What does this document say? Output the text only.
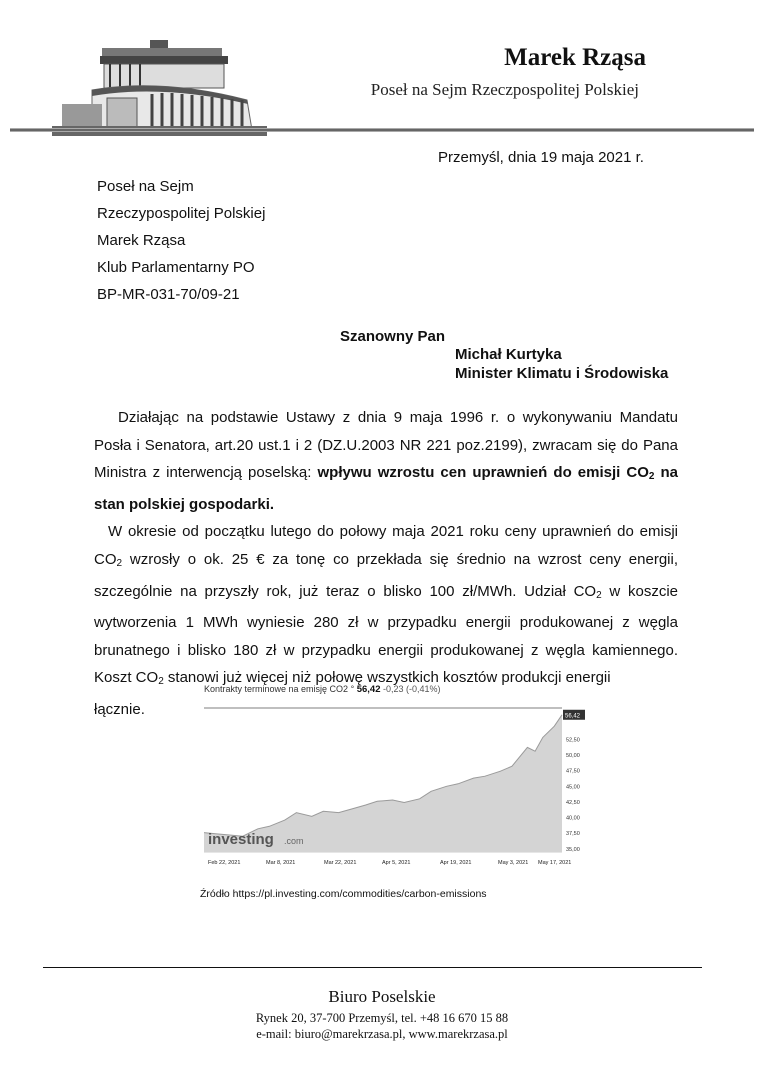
Marek Rząsa
Poseł na Sejm Rzeczpospolitej Polskiej
Przemyśl, dnia 19 maja 2021 r.
Poseł na Sejm
Rzeczypospolitej Polskiej
Marek Rząsa
Klub Parlamentarny PO
BP-MR-031-70/09-21
Szanowny Pan
Michał Kurtyka
Minister Klimatu i Środowiska

Działając na podstawie Ustawy z dnia 9 maja 1996 r. o wykonywaniu Mandatu Posła i Senatora, art.20 ust.1 i 2 (DZ.U.2003 NR 221 poz.2199), zwracam się do Pana Ministra z interwencją poselską: wpływu wzrostu cen uprawnień do emisji $CO_2$ na stan polskiej gospodarki.

W okresie od początku lutego do połowy maja 2021 roku ceny uprawnień do emisji $CO_2$ wzrosły o ok. 25 € za tonę co przekłada się średnio na wzrost ceny energii, szczególnie na przyszły rok, już teraz o blisko 100 zł/MWh. Udział $CO_2$ w koszcie wytworzenia 1 MWh wyniesie 280 zł w przypadku energii produkowanej z węgla brunatnego i blisko 180 zł w przypadku energii produkowanej z węgla kamiennego. Koszt $CO_2$ stanowi już więcej niż połowę wszystkich kosztów produkcji energii

łącznie.

Kontrakty terminowe na emisję CO2 ° 56,42 -0,23 (-0,41%)
52,50
50,00
47,50
45,00
42,50
40,00
37,50
35,00
56,42
Feb 22, 2021	Mar 8, 2021	Mar 22, 2021	Apr 5, 2021	Apr 19, 2021	May 3, 2021 May 17, 2021
investing .com
Źródło https://pl.investing.com/commodities/carbon-emissions
Biuro Poselskie
Rynek 20, 37-700 Przemyśl, tel. +48 16 670 15 88
e-mail: biuro@marekrzasa.pl, www.marekrzasa.pl
